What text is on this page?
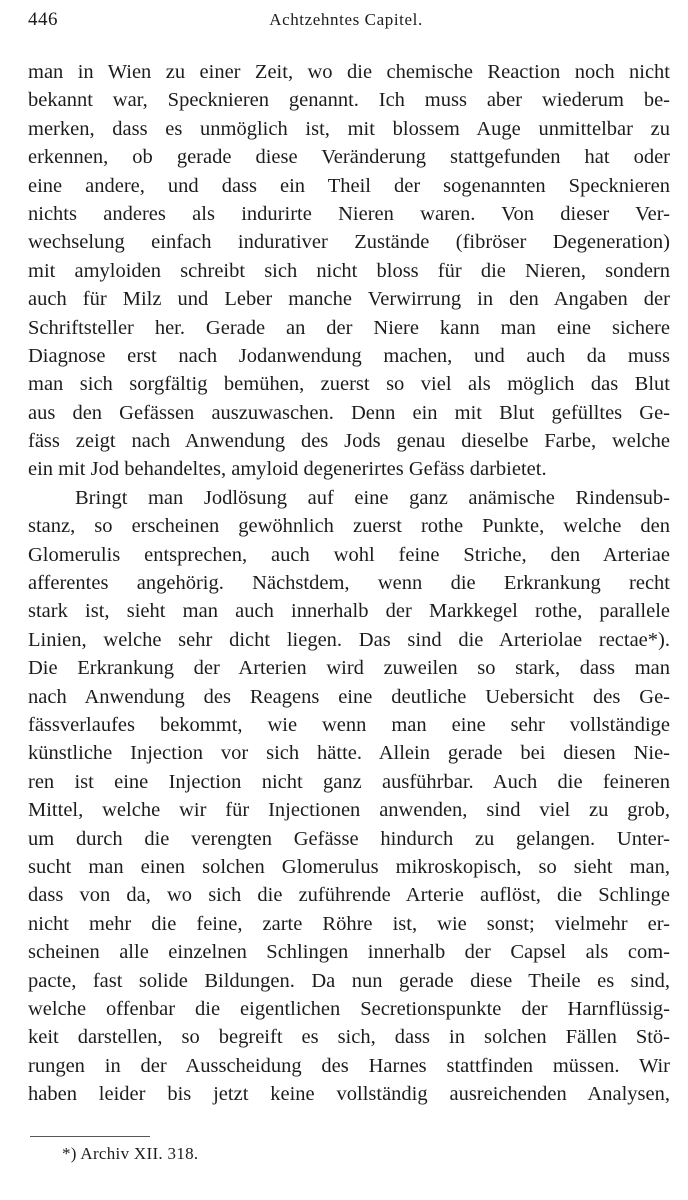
446	Achtzehntes Capitel.
man in Wien zu einer Zeit, wo die chemische Reaction noch nicht
bekannt war, Specknieren genannt. Ich muss aber wiederum be-
merken, dass es unmöglich ist, mit blossem Auge unmittelbar zu
erkennen, ob gerade diese Veränderung stattgefunden hat oder
eine andere, und dass ein Theil der sogenannten Specknieren
nichts anderes als indurirte Nieren waren. Von dieser Ver-
wechselung einfach indurativer Zustände (fibröser Degeneration)
mit amyloiden schreibt sich nicht bloss für die Nieren, sondern
auch für Milz und Leber manche Verwirrung in den Angaben der
Schriftsteller her. Gerade an der Niere kann man eine sichere
Diagnose erst nach Jodanwendung machen, und auch da muss
man sich sorgfältig bemühen, zuerst so viel als möglich das Blut
aus den Gefässen auszuwaschen. Denn ein mit Blut gefülltes Ge-
fäss zeigt nach Anwendung des Jods genau dieselbe Farbe, welche
ein mit Jod behandeltes, amyloid degenerirtes Gefäss darbietet.
Bringt man Jodlösung auf eine ganz anämische Rindensub-
stanz, so erscheinen gewöhnlich zuerst rothe Punkte, welche den
Glomerulis entsprechen, auch wohl feine Striche, den Arteriae
afferentes angehörig. Nächstdem, wenn die Erkrankung recht
stark ist, sieht man auch innerhalb der Markkegel rothe, parallele
Linien, welche sehr dicht liegen. Das sind die Arteriolae rectae*).
Die Erkrankung der Arterien wird zuweilen so stark, dass man
nach Anwendung des Reagens eine deutliche Uebersicht des Ge-
fässverlaufes bekommt, wie wenn man eine sehr vollständige
künstliche Injection vor sich hätte. Allein gerade bei diesen Nie-
ren ist eine Injection nicht ganz ausführbar. Auch die feineren
Mittel, welche wir für Injectionen anwenden, sind viel zu grob,
um durch die verengten Gefässe hindurch zu gelangen. Unter-
sucht man einen solchen Glomerulus mikroskopisch, so sieht man,
dass von da, wo sich die zuführende Arterie auflöst, die Schlinge
nicht mehr die feine, zarte Röhre ist, wie sonst; vielmehr er-
scheinen alle einzelnen Schlingen innerhalb der Capsel als com-
pacte, fast solide Bildungen. Da nun gerade diese Theile es sind,
welche offenbar die eigentlichen Secretionspunkte der Harnflüssig-
keit darstellen, so begreift es sich, dass in solchen Fällen Stö-
rungen in der Ausscheidung des Harnes stattfinden müssen. Wir
haben leider bis jetzt keine vollständig ausreichenden Analysen,
*) Archiv XII. 318.
